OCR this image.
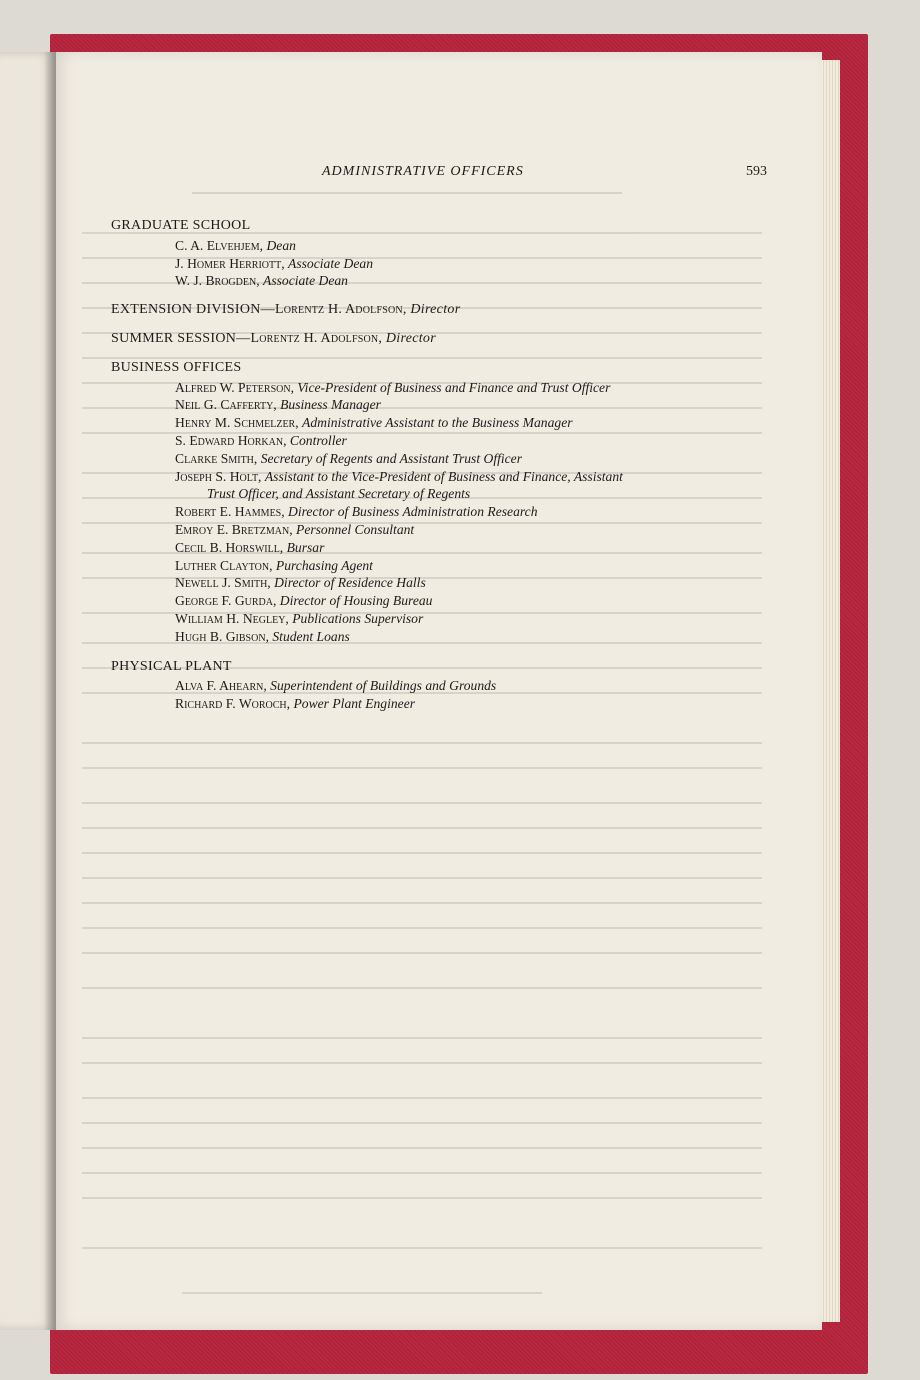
ADMINISTRATIVE OFFICERS	593
GRADUATE SCHOOL
C. A. Elvehjem, Dean
J. Homer Herriott, Associate Dean
W. J. Brogden, Associate Dean
EXTENSION DIVISION—Lorentz H. Adolfson, Director
SUMMER SESSION—Lorentz H. Adolfson, Director
BUSINESS OFFICES
Alfred W. Peterson, Vice-President of Business and Finance and Trust Officer
Neil G. Cafferty, Business Manager
Henry M. Schmelzer, Administrative Assistant to the Business Manager
S. Edward Horkan, Controller
Clarke Smith, Secretary of Regents and Assistant Trust Officer
Joseph S. Holt, Assistant to the Vice-President of Business and Finance, Assistant
Trust Officer, and Assistant Secretary of Regents
Robert E. Hammes, Director of Business Administration Research
Emroy E. Bretzman, Personnel Consultant
Cecil B. Horswill, Bursar
Luther Clayton, Purchasing Agent
Newell J. Smith, Director of Residence Halls
George F. Gurda, Director of Housing Bureau
William H. Negley, Publications Supervisor
Hugh B. Gibson, Student Loans
PHYSICAL PLANT
Alva F. Ahearn, Superintendent of Buildings and Grounds
Richard F. Woroch, Power Plant Engineer
